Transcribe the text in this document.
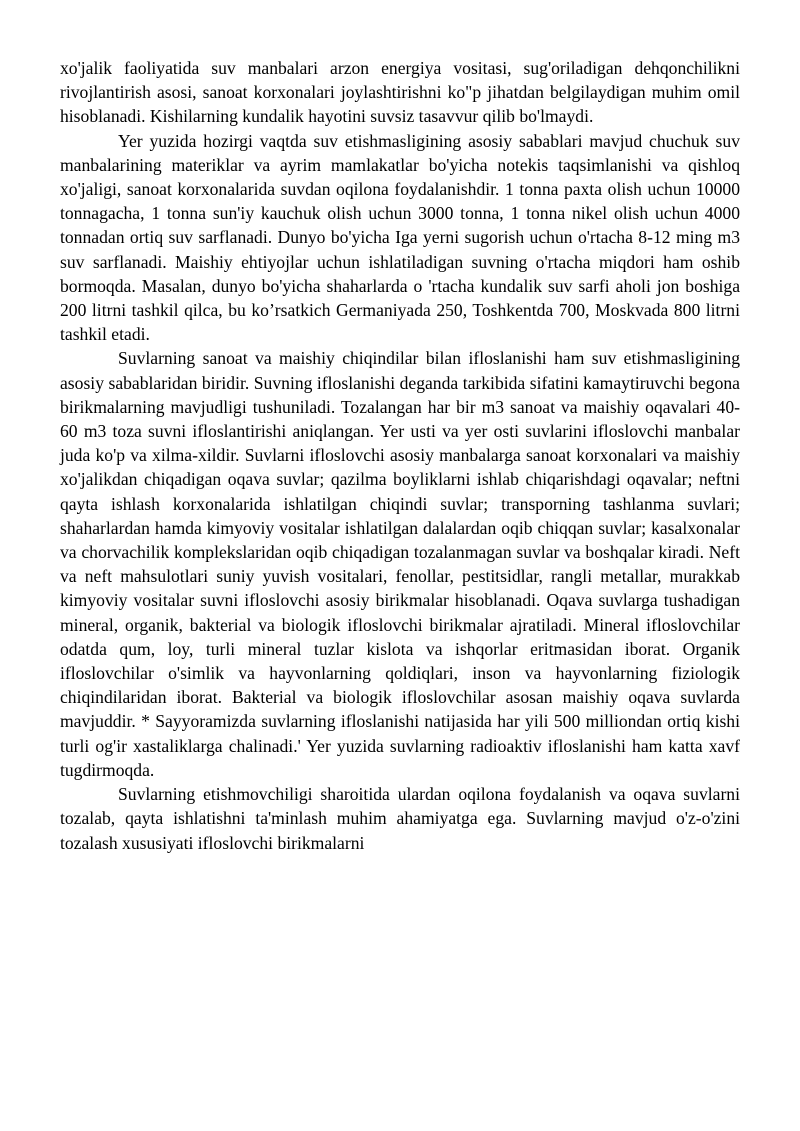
xo'jalik faoliyatida suv manbalari arzon energiya vositasi, sug'oriladigan dehqonchilikni rivojlantirish asosi, sanoat korxonalari joylashtirishni ko"p jihatdan belgilaydigan muhim omil hisoblanadi. Kishilarning kundalik hayotini suvsiz tasavvur qilib bo'lmaydi.

Yer yuzida hozirgi vaqtda suv etishmasligining asosiy sabablari mavjud chuchuk suv manbalarining materiklar va ayrim mamlakatlar bo'yicha notekis taqsimlanishi va qishloq xo'jaligi, sanoat korxonalarida suvdan oqilona foydalanishdir. 1 tonna paxta olish uchun 10000 tonnagacha, 1 tonna sun'iy kauchuk olish uchun 3000 tonna, 1 tonna nikel olish uchun 4000 tonnadan ortiq suv sarflanadi. Dunyo bo'yicha Iga yerni sugorish uchun o'rtacha 8-12 ming m3 suv sarflanadi. Maishiy ehtiyojlar uchun ishlatiladigan suvning o'rtacha miqdori ham oshib bormoqda. Masalan, dunyo bo'yicha shaharlarda o 'rtacha kundalik suv sarfi aholi jon boshiga 200 litrni tashkil qilca, bu ko’rsatkich Germaniyada 250, Toshkentda 700, Moskvada 800 litrni tashkil etadi.

Suvlarning sanoat va maishiy chiqindilar bilan ifloslanishi ham suv etishmasligining asosiy sabablaridan biridir. Suvning ifloslanishi deganda tarkibida sifatini kamaytiruvchi begona birikmalarning mavjudligi tushuniladi. Tozalangan har bir m3 sanoat va maishiy oqavalari 40-60 m3 toza suvni ifloslantirishi aniqlangan. Yer usti va yer osti suvlarini ifloslovchi manbalar juda ko'p va xilma-xildir. Suvlarni ifloslovchi asosiy manbalarga sanoat korxonalari va maishiy xo'jalikdan chiqadigan oqava suvlar; qazilma boyliklarni ishlab chiqarishdagi oqavalar; neftni qayta ishlash korxonalarida ishlatilgan chiqindi suvlar; transporning tashlanma suvlari; shaharlardan hamda kimyoviy vositalar ishlatilgan dalalardan oqib chiqqan suvlar; kasalxonalar va chorvachilik komplekslaridan oqib chiqadigan tozalanmagan suvlar va boshqalar kiradi. Neft va neft mahsulotlari suniy yuvish vositalari, fenollar, pestitsidlar, rangli metallar, murakkab kimyoviy vositalar suvni ifloslovchi asosiy birikmalar hisoblanadi. Oqava suvlarga tushadigan mineral, organik, bakterial va biologik ifloslovchi birikmalar ajratiladi. Mineral ifloslovchilar odatda qum, loy, turli mineral tuzlar kislota va ishqorlar eritmasidan iborat. Organik ifloslovchilar o'simlik va hayvonlarning qoldiqlari, inson va hayvonlarning fiziologik chiqindilaridan iborat. Bakterial va biologik ifloslovchilar asosan maishiy oqava suvlarda mavjuddir. * Sayyoramizda suvlarning ifloslanishi natijasida har yili 500 milliondan ortiq kishi turli og'ir xastaliklarga chalinadi.' Yer yuzida suvlarning radioaktiv ifloslanishi ham katta xavf tugdirmoqda.

Suvlarning etishmovchiligi sharoitida ulardan oqilona foydalanish va oqava suvlarni tozalab, qayta ishlatishni ta'minlash muhim ahamiyatga ega. Suvlarning mavjud o'z-o'zini tozalash xususiyati ifloslovchi birikmalarni
